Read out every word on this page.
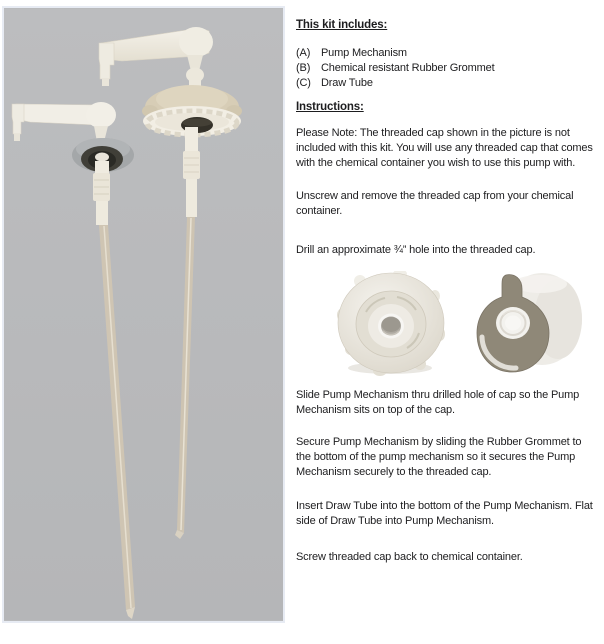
This kit includes:
(A) Pump Mechanism
(B) Chemical resistant Rubber Grommet
(C) Draw Tube
Instructions:

Please Note: The threaded cap shown in the picture is not included with this kit. You will use any threaded cap that comes with the chemical container you wish to use this pump with.

Unscrew and remove the threaded cap from your chemical container.

Drill an approximate ¾” hole into the threaded cap.

Slide Pump Mechanism thru drilled hole of cap so the Pump Mechanism sits on top of the cap.

Secure Pump Mechanism by sliding the Rubber Grommet to the bottom of the pump mechanism so it secures the Pump Mechanism securely to the threaded cap.

Insert Draw Tube into the bottom of the Pump Mechanism. Flat side of Draw Tube into Pump Mechanism.

Screw threaded cap back to chemical container.
